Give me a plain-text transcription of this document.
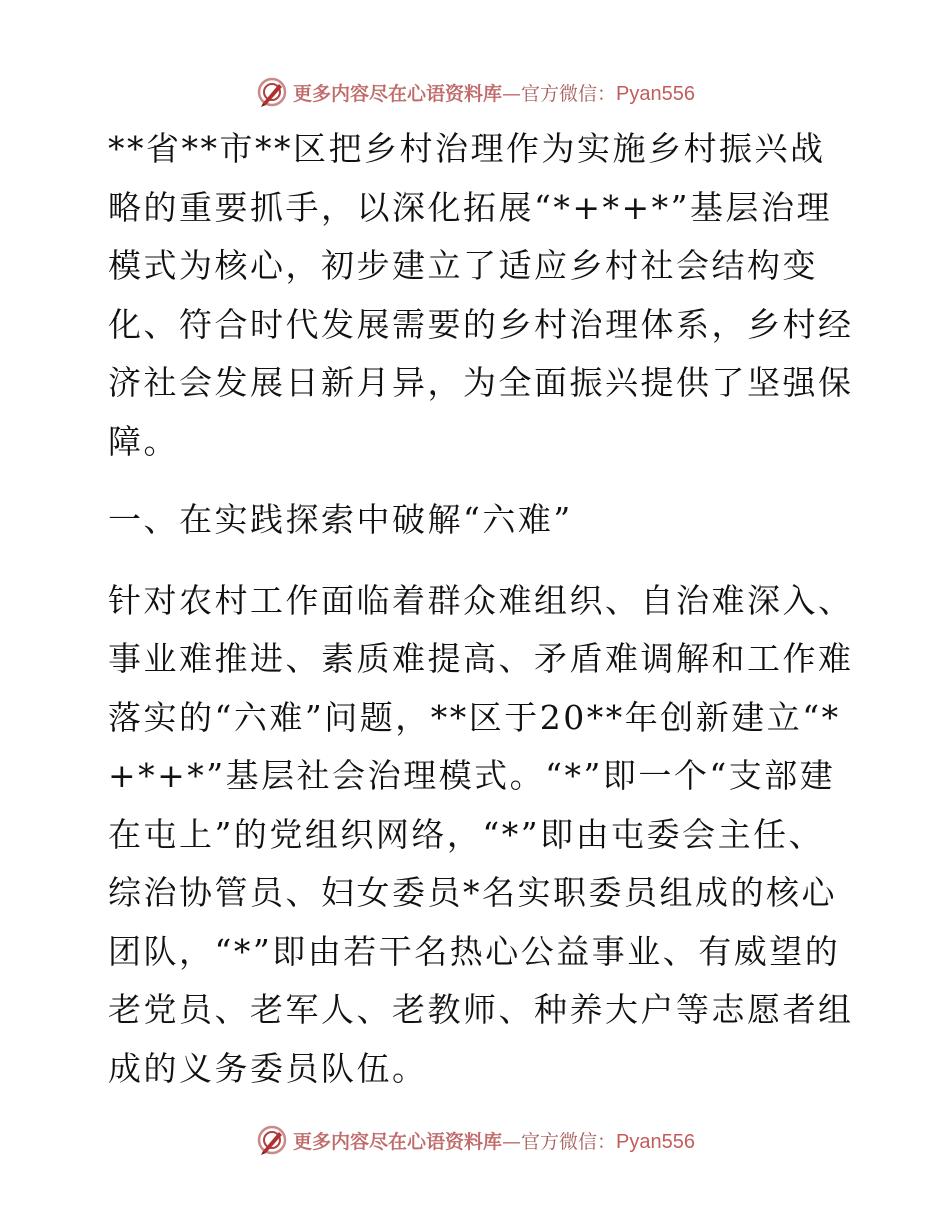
更多内容尽在心语资料库—官方微信：Pyan556

**省**市**区把乡村治理作为实施乡村振兴战略的重要抓手，以深化拓展“*+*+*”基层治理模式为核心，初步建立了适应乡村社会结构变化、符合时代发展需要的乡村治理体系，乡村经济社会发展日新月异，为全面振兴提供了坚强保障。

一、在实践探索中破解“六难”

针对农村工作面临着群众难组织、自治难深入、事业难推进、素质难提高、矛盾难调解和工作难落实的“六难”问题，**区于20**年创新建立“*+*+*”基层社会治理模式。“*”即一个“支部建在屯上”的党组织网络，“*”即由屯委会主任、综治协管员、妇女委员*名实职委员组成的核心团队，“*”即由若干名热心公益事业、有威望的老党员、老军人、老教师、种养大户等志愿者组成的义务委员队伍。

更多内容尽在心语资料库—官方微信：Pyan556
